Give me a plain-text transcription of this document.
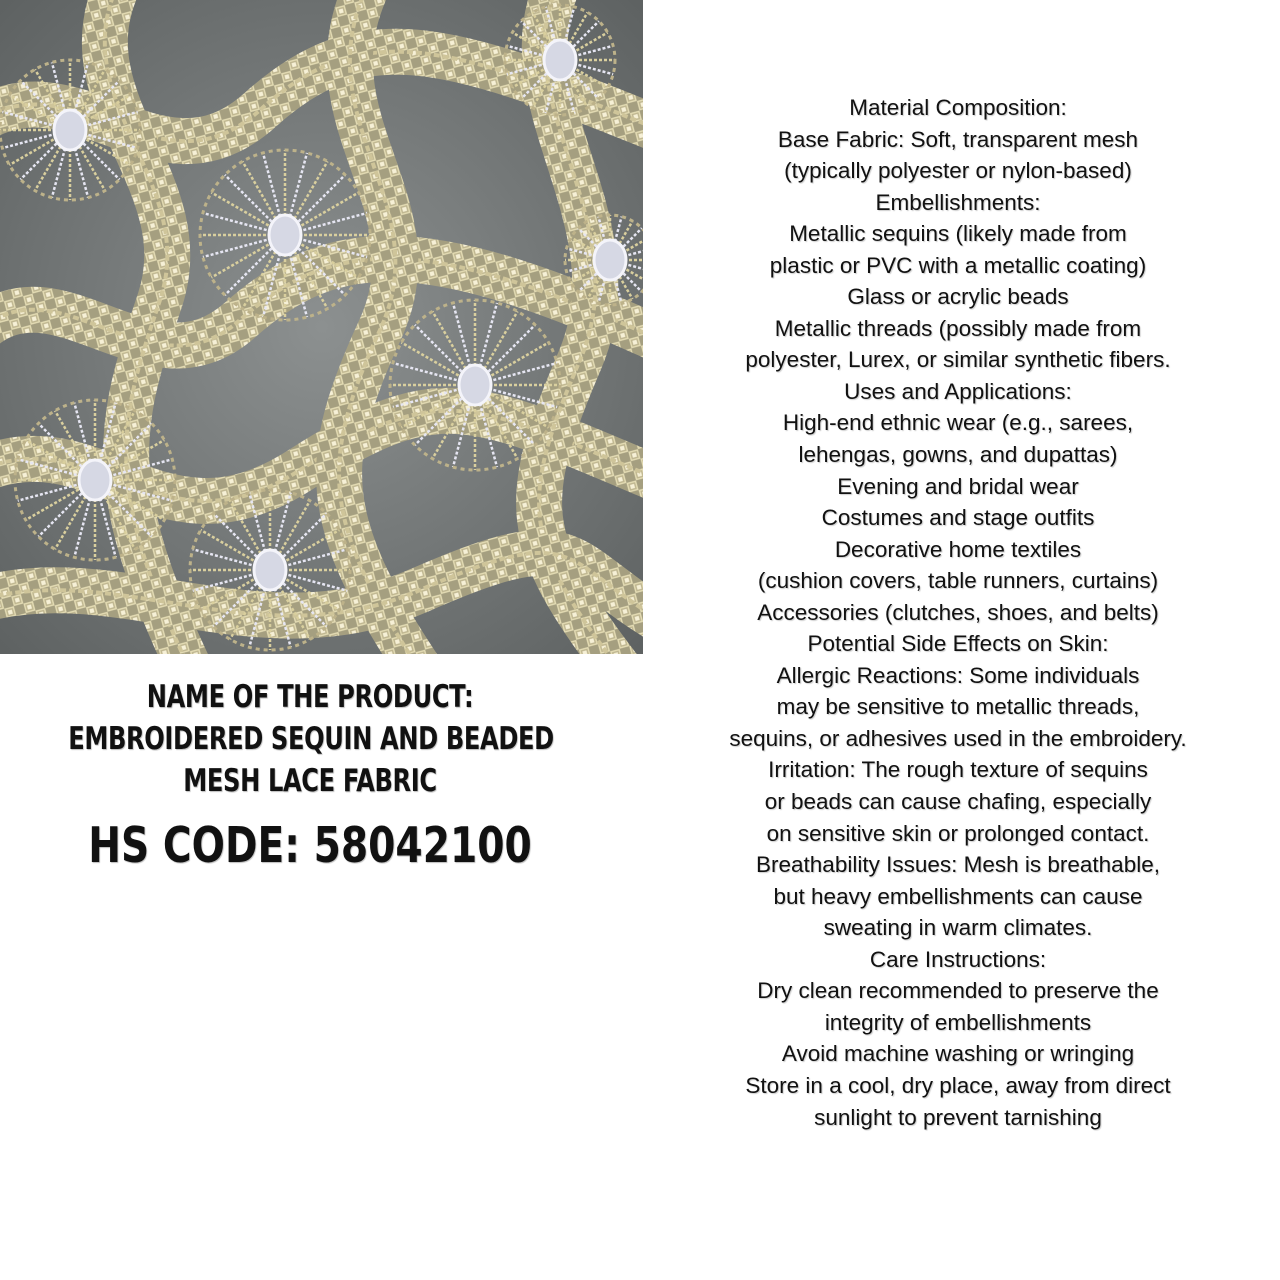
NAME OF THE PRODUCT:
EMBROIDERED SEQUIN AND BEADED
MESH LACE FABRIC
HS CODE: 58042100
Material Composition:
Base Fabric: Soft, transparent mesh
(typically polyester or nylon-based)
Embellishments:
Metallic sequins (likely made from
plastic or PVC with a metallic coating)
Glass or acrylic beads
Metallic threads (possibly made from
polyester, Lurex, or similar synthetic fibers.
Uses and Applications:
High-end ethnic wear (e.g., sarees,
lehengas, gowns, and dupattas)
Evening and bridal wear
Costumes and stage outfits
Decorative home textiles
(cushion covers, table runners, curtains)
Accessories (clutches, shoes, and belts)
Potential Side Effects on Skin:
Allergic Reactions: Some individuals
may be sensitive to metallic threads,
sequins, or adhesives used in the embroidery.
Irritation: The rough texture of sequins
or beads can cause chafing, especially
on sensitive skin or prolonged contact.
Breathability Issues: Mesh is breathable,
but heavy embellishments can cause
sweating in warm climates.
Care Instructions:
Dry clean recommended to preserve the
integrity of embellishments
Avoid machine washing or wringing
Store in a cool, dry place, away from direct
sunlight to prevent tarnishing
